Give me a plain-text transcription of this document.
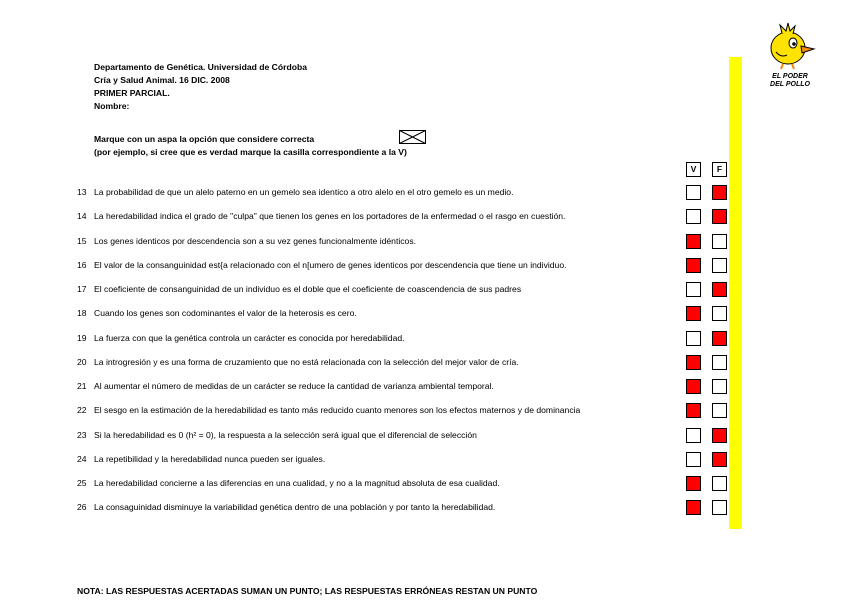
Departamento de Genética. Universidad de Córdoba
Cría y Salud Animal. 16 DIC. 2008
PRIMER PARCIAL.
Nombre:
Marque con un aspa la opción que considere correcta
(por ejemplo, si cree que es verdad marque la casilla correspondiente a la V)
EL PODER
DEL POLLO
V	F
13 La probabilidad de que un alelo paterno en un gemelo sea identico a otro alelo en el otro gemelo es un medio.
14 La heredabilidad indica el grado de "culpa" que tienen los genes en los portadores de la enfermedad o el rasgo en cuestión.
15 Los genes identicos por descendencia son a su vez genes funcionalmente idénticos.
16 El valor de la consanguinidad est{a relacionado con el n[umero de genes identicos por descendencia que tiene un individuo.
17 El coeficiente de consanguinidad de un individuo es el doble que el coeficiente de coascendencia de sus padres
18 Cuando los genes son codominantes el valor de la heterosis es cero.
19 La fuerza con que la genética controla un carácter es conocida por heredabilidad.
20 La introgresión y es una forma de cruzamiento que no está relacionada con la selección del mejor valor de cría.
21 Al aumentar el número de medidas de un carácter se reduce la cantidad de varianza ambiental temporal.
22 El sesgo en la estimación de la heredabilidad es tanto más reducido cuanto menores son los efectos maternos y de dominancia
23 Si la heredabilidad es 0 (h² = 0), la respuesta a la selección será igual que el diferencial de selección
24 La repetibilidad y la heredabilidad nunca pueden ser iguales.
25 La heredabilidad concierne a las diferencias en una cualidad, y no a la magnitud absoluta de esa cualidad.
26 La consaguinidad disminuye la variabilidad genética dentro de una población y por tanto la heredabilidad.
NOTA: LAS RESPUESTAS ACERTADAS SUMAN UN PUNTO; LAS RESPUESTAS ERRÓNEAS RESTAN UN PUNTO
